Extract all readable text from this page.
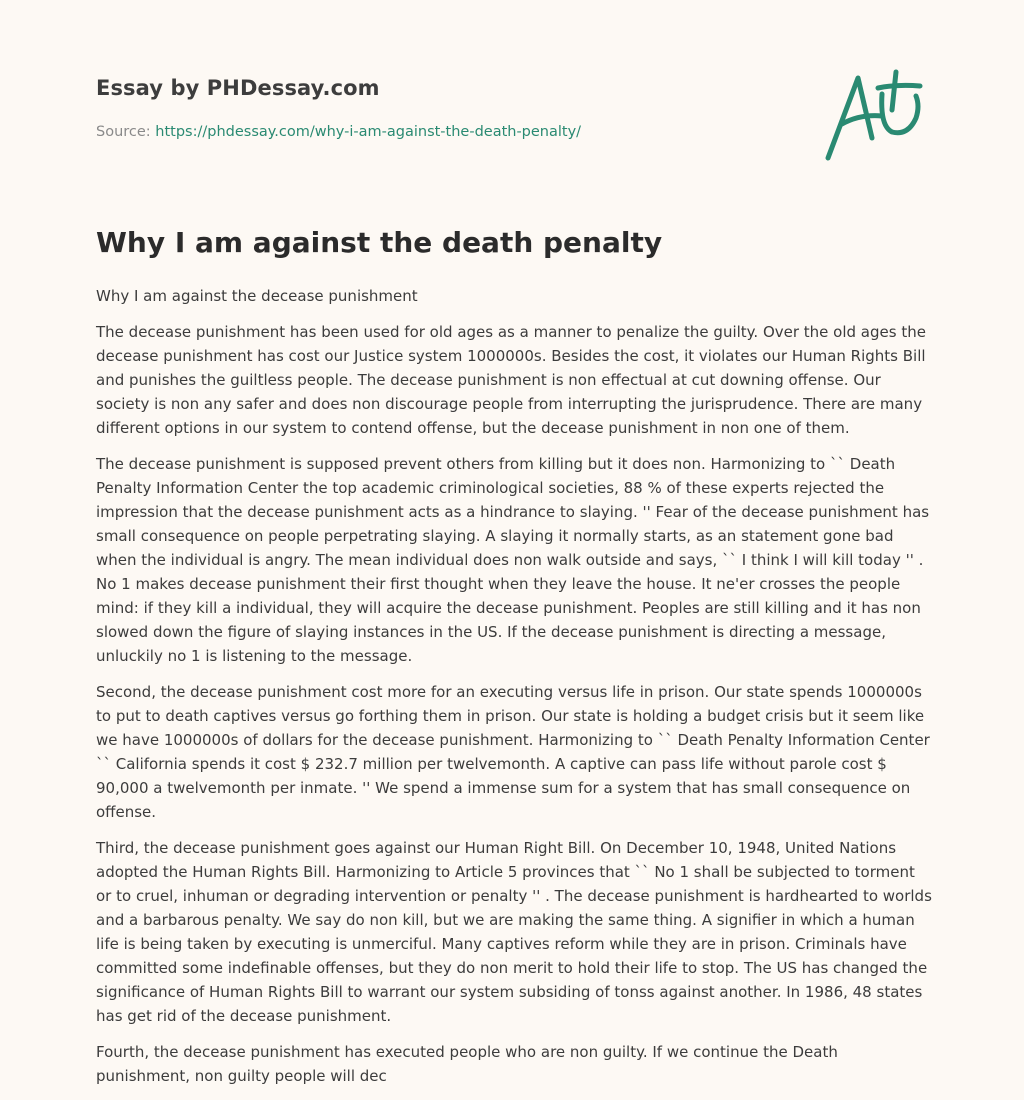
Essay by PHDessay.com
Source: https://phdessay.com/why-i-am-against-the-death-penalty/
Why I am against the death penalty

Why I am against the decease punishment

The decease punishment has been used for old ages as a manner to penalize the guilty. Over the old ages the decease punishment has cost our Justice system 1000000s. Besides the cost, it violates our Human Rights Bill and punishes the guiltless people. The decease punishment is non effectual at cut downing offense. Our society is non any safer and does non discourage people from interrupting the jurisprudence. There are many different options in our system to contend offense, but the decease punishment in non one of them.

The decease punishment is supposed prevent others from killing but it does non. Harmonizing to `` Death Penalty Information Center the top academic criminological societies, 88 % of these experts rejected the impression that the decease punishment acts as a hindrance to slaying. '' Fear of the decease punishment has small consequence on people perpetrating slaying. A slaying it normally starts, as an statement gone bad when the individual is angry. The mean individual does non walk outside and says, `` I think I will kill today '' . No 1 makes decease punishment their first thought when they leave the house. It ne'er crosses the people mind: if they kill a individual, they will acquire the decease punishment. Peoples are still killing and it has non slowed down the figure of slaying instances in the US. If the decease punishment is directing a message, unluckily no 1 is listening to the message.

Second, the decease punishment cost more for an executing versus life in prison. Our state spends 1000000s to put to death captives versus go forthing them in prison. Our state is holding a budget crisis but it seem like we have 1000000s of dollars for the decease punishment. Harmonizing to `` Death Penalty Information Center `` California spends it cost $ 232.7 million per twelvemonth. A captive can pass life without parole cost $ 90,000 a twelvemonth per inmate. '' We spend a immense sum for a system that has small consequence on offense.

Third, the decease punishment goes against our Human Right Bill. On December 10, 1948, United Nations adopted the Human Rights Bill. Harmonizing to Article 5 provinces that `` No 1 shall be subjected to torment or to cruel, inhuman or degrading intervention or penalty '' . The decease punishment is hardhearted to worlds and a barbarous penalty. We say do non kill, but we are making the same thing. A signifier in which a human life is being taken by executing is unmerciful. Many captives reform while they are in prison. Criminals have committed some indefinable offenses, but they do non merit to hold their life to stop. The US has changed the significance of Human Rights Bill to warrant our system subsiding of tonss against another. In 1986, 48 states has get rid of the decease punishment.

Fourth, the decease punishment has executed people who are non guilty. If we continue the Death punishment, non guilty people will dec
